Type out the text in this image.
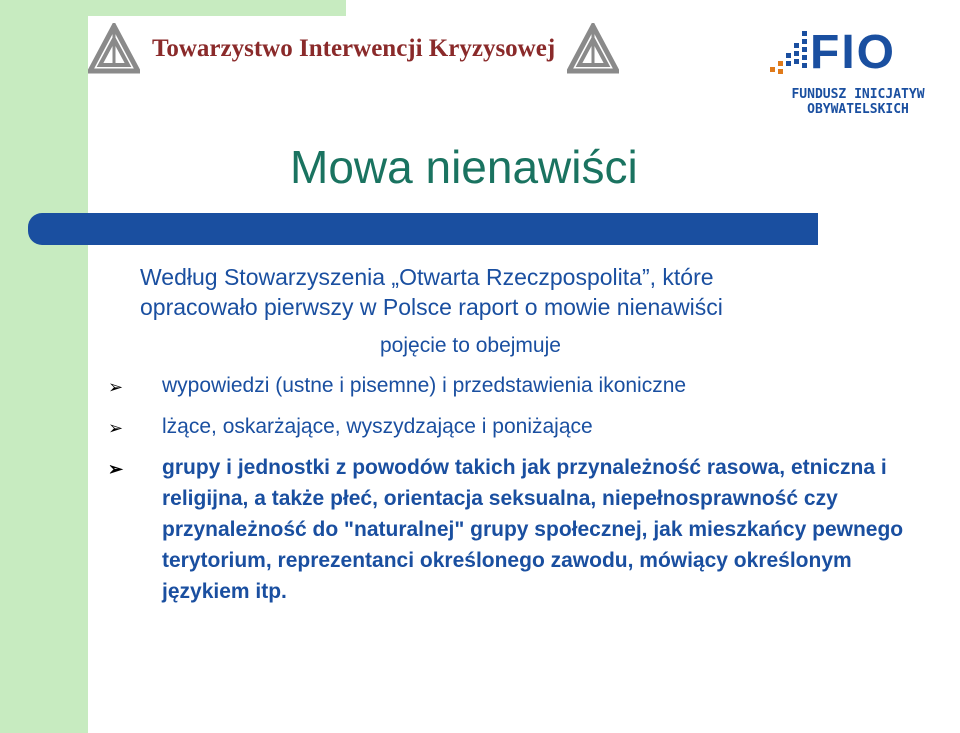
Towarzystwo Interwencji Kryzysowej	FIO
FUNDUSZ INICJATYW
OBYWATELSKICH
Mowa nienawiści

Według Stowarzyszenia „Otwarta Rzeczpospolita”, które

opracowało pierwszy w Polsce raport o mowie nienawiści

pojęcie to obejmuje
➢ wypowiedzi (ustne i pisemne) i przedstawienia ikoniczne
➢ lżące, oskarżające, wyszydzające i poniżające
➢ grupy i jednostki z powodów takich jak przynależność rasowa, etniczna i religijna, a także płeć, orientacja seksualna, niepełnosprawność czy przynależność do "naturalnej" grupy społecznej, jak mieszkańcy pewnego terytorium, reprezentanci określonego zawodu, mówiący określonym językiem itp.
